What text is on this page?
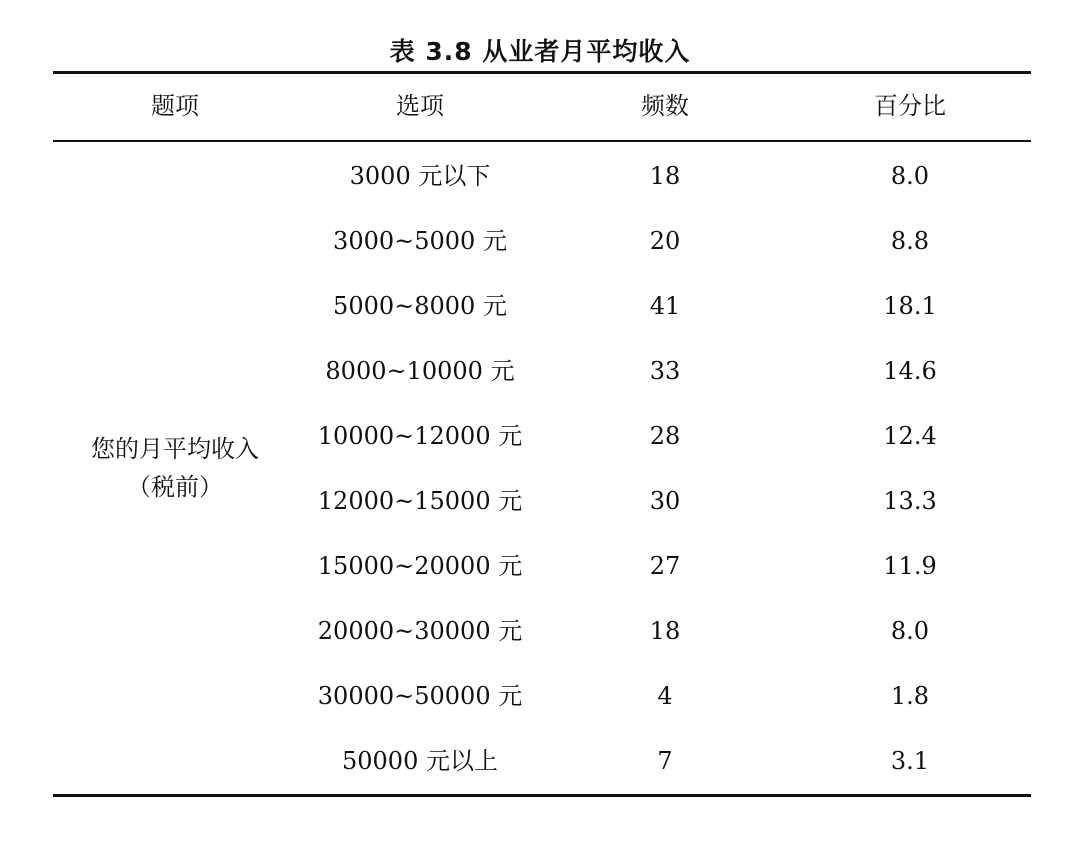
表 3.8 从业者月平均收入
题项	选项	频数	百分比
您的月平均收入
（税前）
3000 元以下	18	8.0
3000~5000 元	20	8.8
5000~8000 元	41	18.1
8000~10000 元	33	14.6
10000~12000 元	28	12.4
12000~15000 元	30	13.3
15000~20000 元	27	11.9
20000~30000 元	18	8.0
30000~50000 元	4	1.8
50000 元以上	7	3.1
